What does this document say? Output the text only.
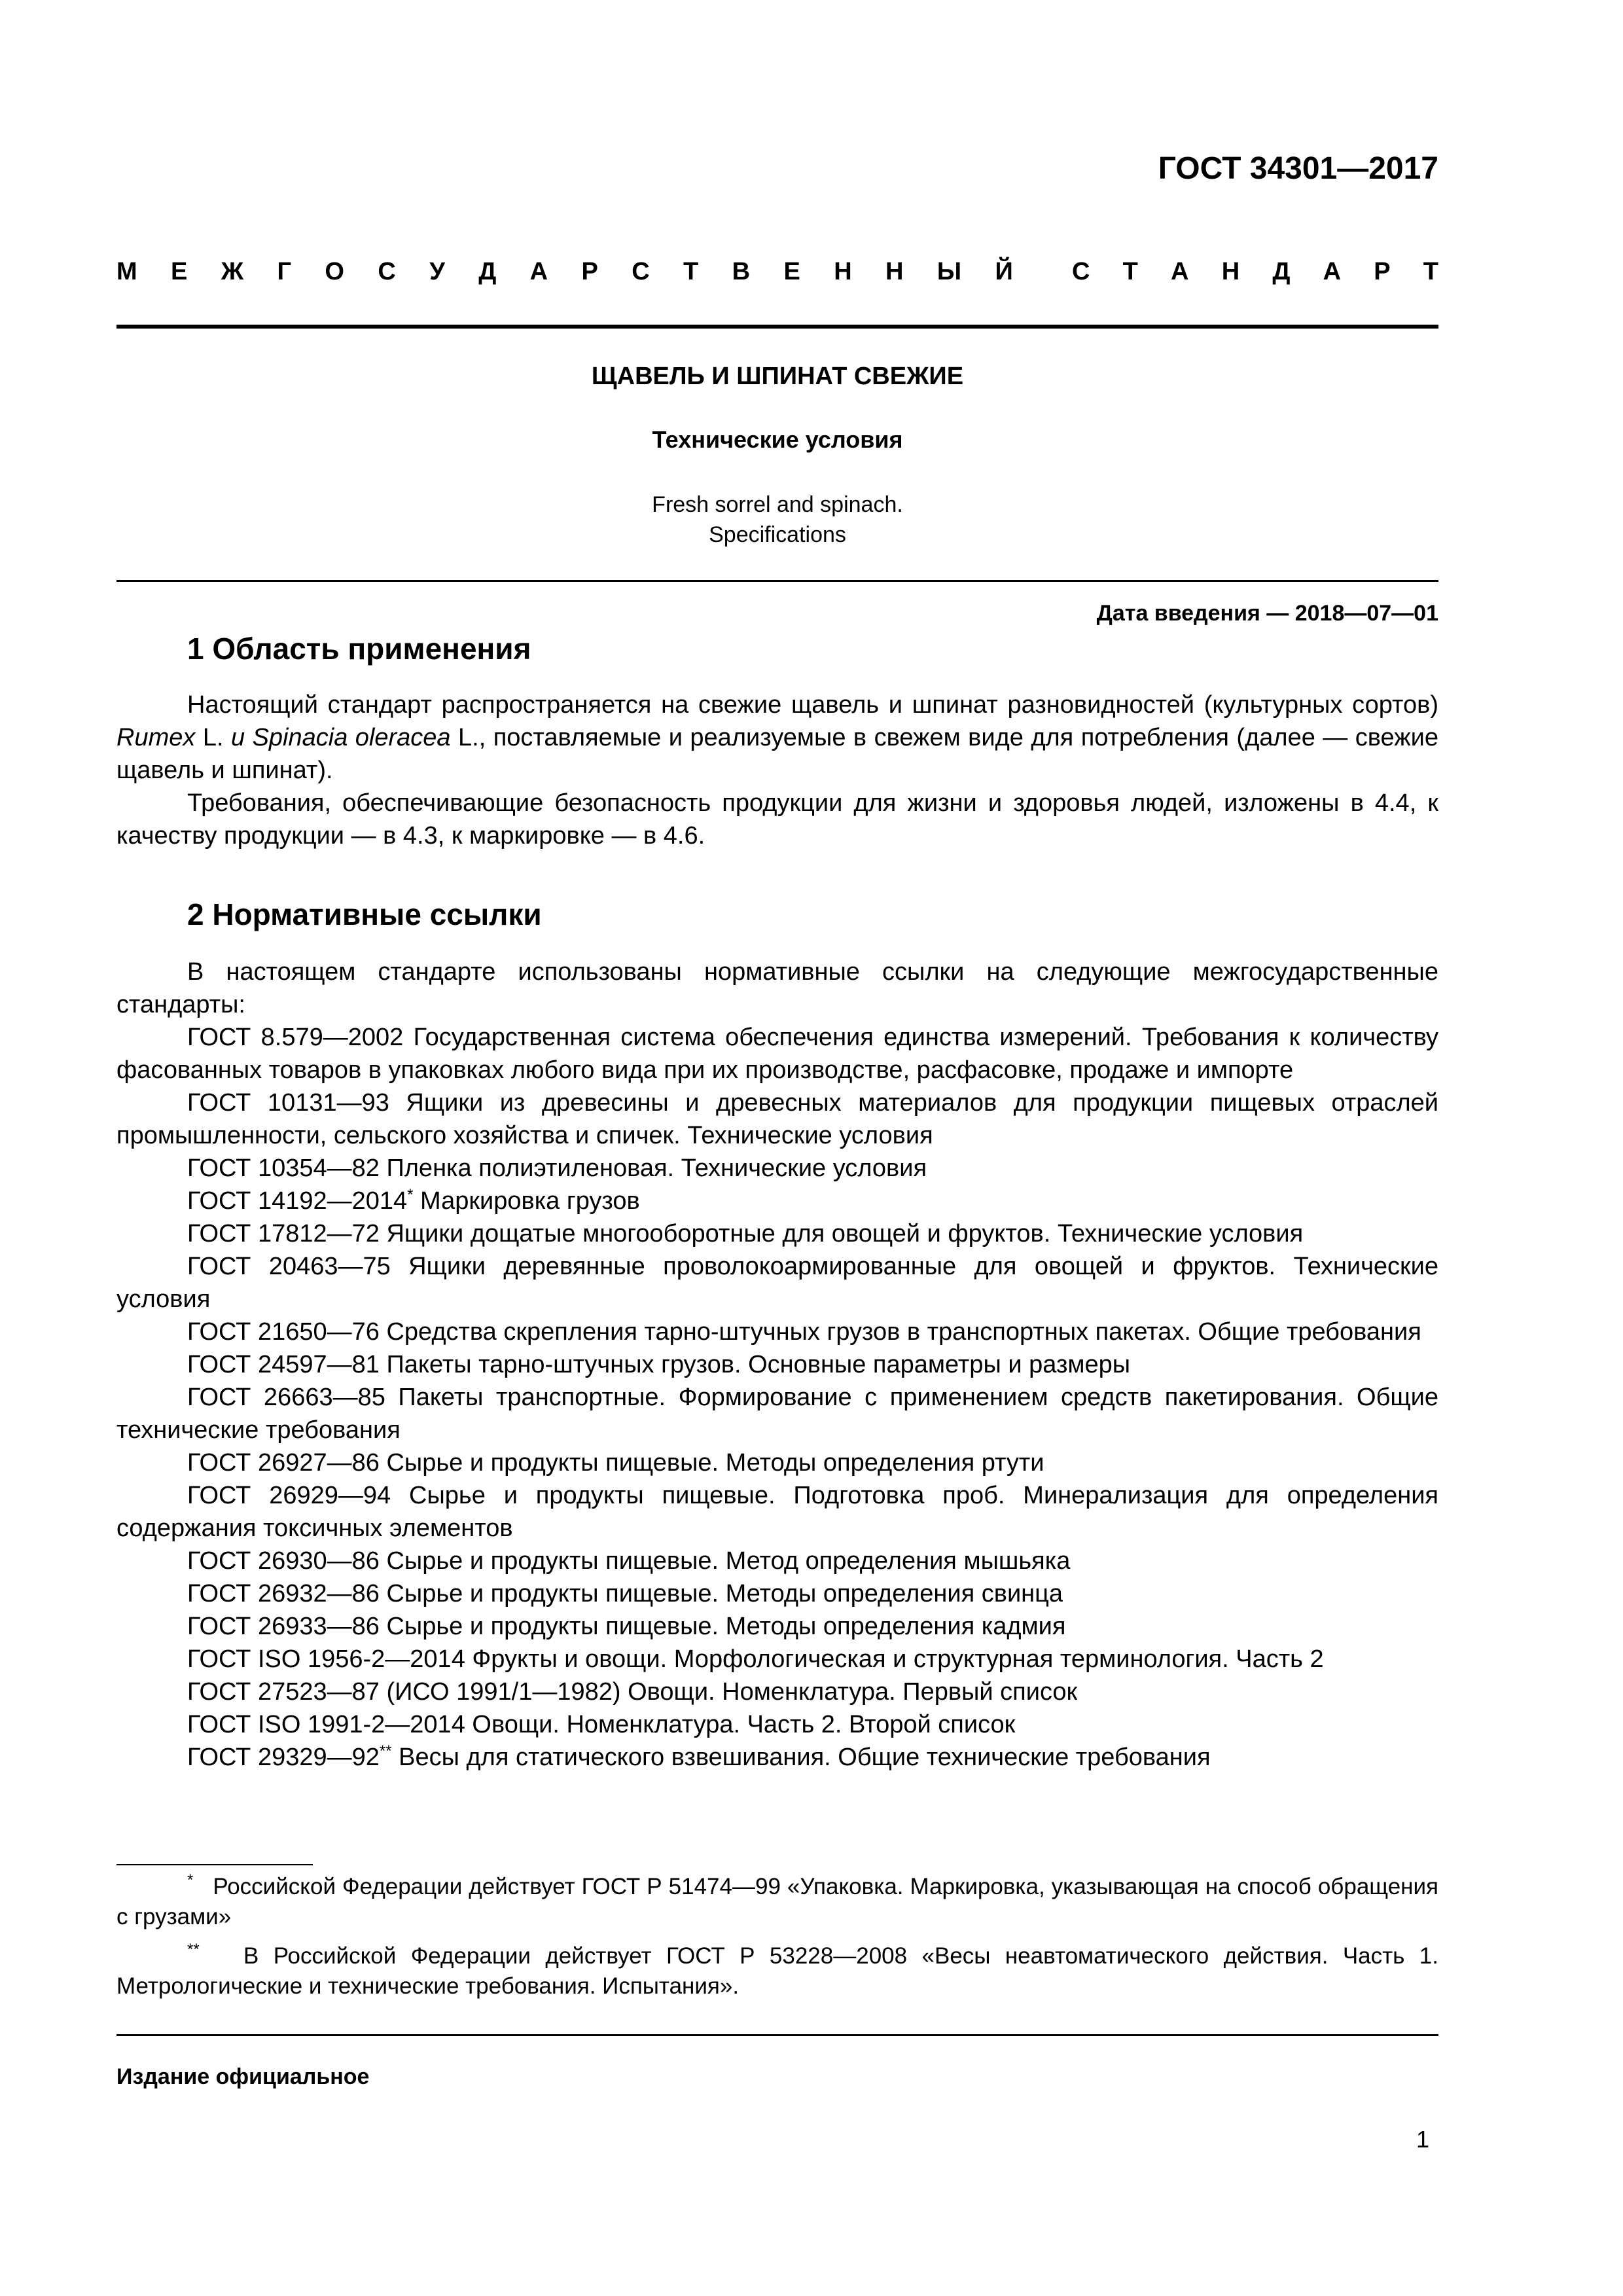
ГОСТ 34301—2017
М Е Ж Г О С У Д А Р С Т В Е Н Н Ы Й С Т А Н Д А Р Т
ЩАВЕЛЬ И ШПИНАТ СВЕЖИЕ
Технические условия
Fresh sorrel and spinach.
Specifications
Дата введения — 2018—07—01
1 Область применения

Настоящий стандарт распространяется на свежие щавель и шпинат разновидностей (культурных сортов) Rumex L. и Spinacia oleracea L., поставляемые и реализуемые в свежем виде для потребления (далее — свежие щавель и шпинат).

Требования, обеспечивающие безопасность продукции для жизни и здоровья людей, изложены в 4.4, к качеству продукции — в 4.3, к маркировке — в 4.6.

2 Нормативные ссылки

В настоящем стандарте использованы нормативные ссылки на следующие межгосударственные стандарты:

ГОСТ 8.579—2002 Государственная система обеспечения единства измерений. Требования к количеству фасованных товаров в упаковках любого вида при их производстве, расфасовке, продаже и импорте

ГОСТ 10131—93 Ящики из древесины и древесных материалов для продукции пищевых отраслей промышленности, сельского хозяйства и спичек. Технические условия

ГОСТ 10354—82 Пленка полиэтиленовая. Технические условия

ГОСТ 14192—2014* Маркировка грузов

ГОСТ 17812—72 Ящики дощатые многооборотные для овощей и фруктов. Технические условия

ГОСТ 20463—75 Ящики деревянные проволокоармированные для овощей и фруктов. Технические условия

ГОСТ 21650—76 Средства скрепления тарно-штучных грузов в транспортных пакетах. Общие требования

ГОСТ 24597—81 Пакеты тарно-штучных грузов. Основные параметры и размеры

ГОСТ 26663—85 Пакеты транспортные. Формирование с применением средств пакетирования. Общие технические требования

ГОСТ 26927—86 Сырье и продукты пищевые. Методы определения ртути

ГОСТ 26929—94 Сырье и продукты пищевые. Подготовка проб. Минерализация для определения содержания токсичных элементов

ГОСТ 26930—86 Сырье и продукты пищевые. Метод определения мышьяка

ГОСТ 26932—86 Сырье и продукты пищевые. Методы определения свинца

ГОСТ 26933—86 Сырье и продукты пищевые. Методы определения кадмия

ГОСТ ISO 1956-2—2014 Фрукты и овощи. Морфологическая и структурная терминология. Часть 2

ГОСТ 27523—87 (ИСО 1991/1—1982) Овощи. Номенклатура. Первый список

ГОСТ ISO 1991-2—2014 Овощи. Номенклатура. Часть 2. Второй список

ГОСТ 29329—92** Весы для статического взвешивания. Общие технические требования

* Российской Федерации действует ГОСТ Р 51474—99 «Упаковка. Маркировка, указывающая на способ обращения с грузами»

** В Российской Федерации действует ГОСТ Р 53228—2008 «Весы неавтоматического действия. Часть 1. Метрологические и технические требования. Испытания».

Издание официальное
1
